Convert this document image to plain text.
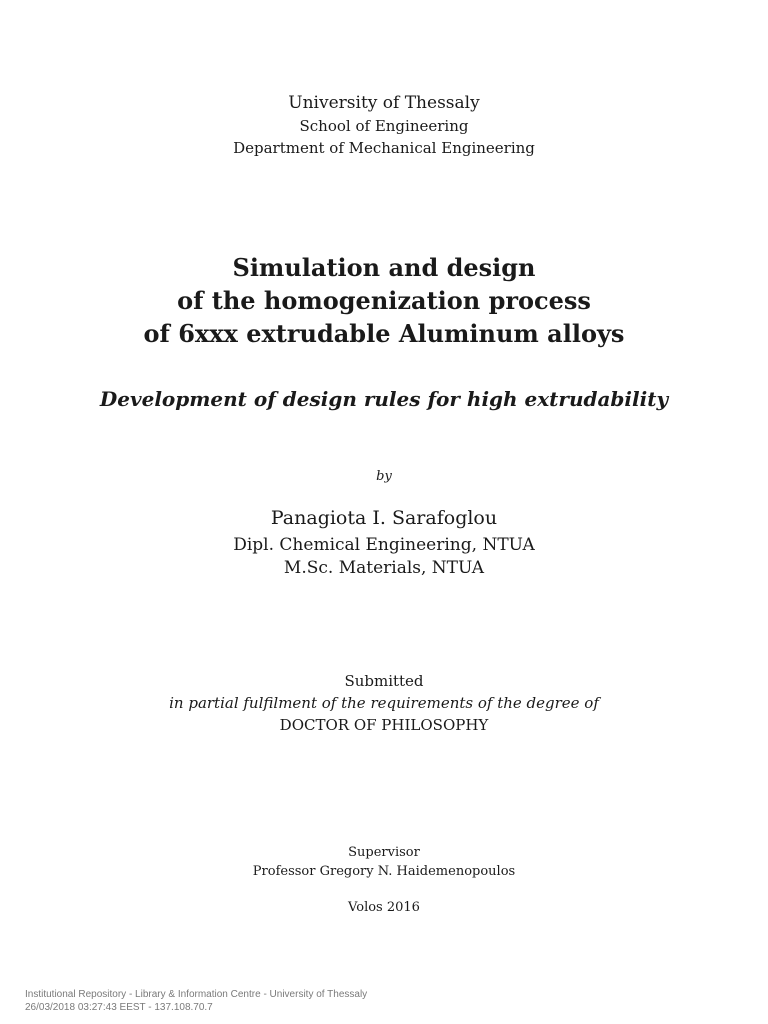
University of Thessaly
School of Engineering
Department of Mechanical Engineering
Simulation and design
of the homogenization process
of 6xxx extrudable Aluminum alloys
Development of design rules for high extrudability
by
Panagiota I. Sarafoglou
Dipl. Chemical Engineering, NTUA
M.Sc. Materials, NTUA
Submitted
in partial fulfilment of the requirements of the degree of
DOCTOR OF PHILOSOPHY
Supervisor
Professor Gregory N. Haidemenopoulos
Volos 2016
Institutional Repository - Library & Information Centre - University of Thessaly
26/03/2018 03:27:43 EEST - 137.108.70.7
